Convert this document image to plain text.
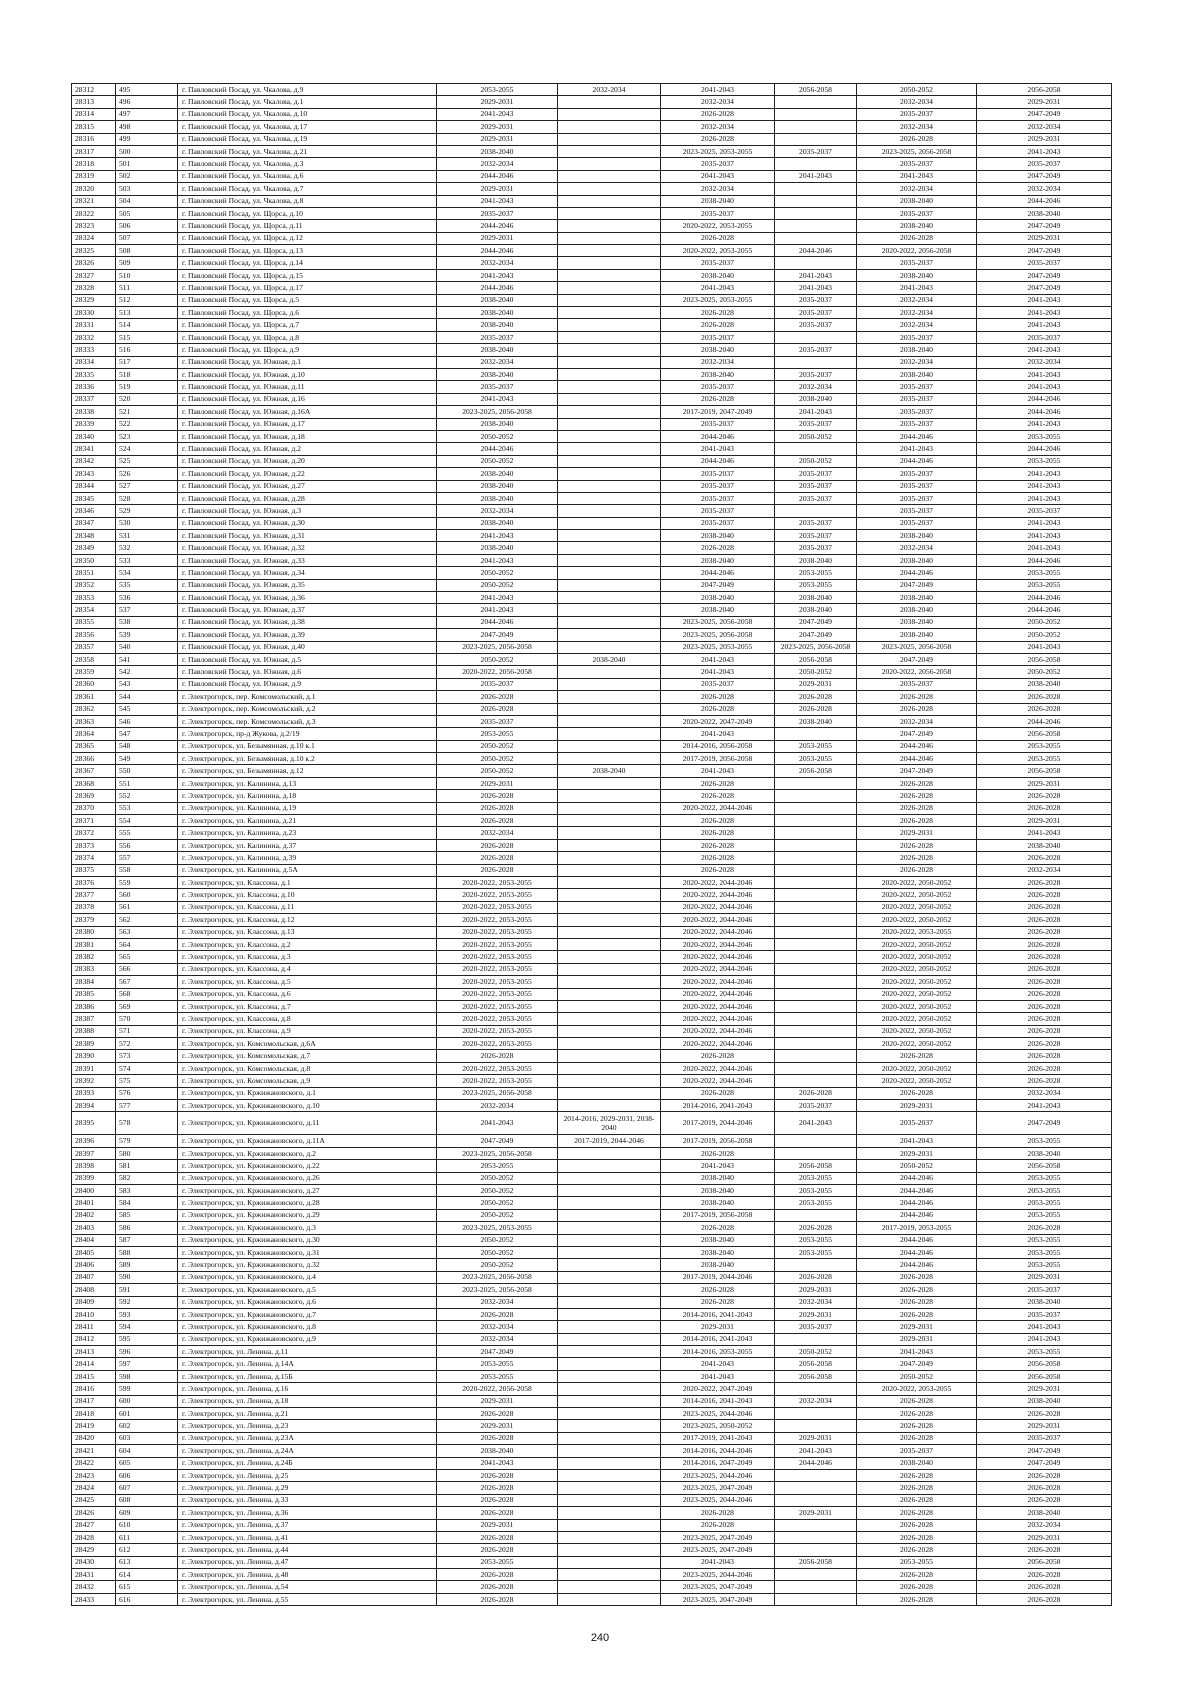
28312	495	г. Павловский Посад, ул. Чкалова, д.9	2053-2055	2032-2034	2041-2043	2056-2058	2050-2052	2056-2058
28313	496	г. Павловский Посад, ул. Чкалова, д.1	2029-2031		2032-2034		2032-2034	2029-2031
28314	497	г. Павловский Посад, ул. Чкалова, д.10	2041-2043		2026-2028		2035-2037	2047-2049
28315	498	г. Павловский Посад, ул. Чкалова, д.17	2029-2031		2032-2034		2032-2034	2032-2034
28316	499	г. Павловский Посад, ул. Чкалова, д.19	2029-2031		2026-2028		2026-2028	2029-2031
28317	500	г. Павловский Посад, ул. Чкалова, д.21	2038-2040		2023-2025, 2053-2055	2035-2037	2023-2025, 2056-2058	2041-2043
28318	501	г. Павловский Посад, ул. Чкалова, д.3	2032-2034		2035-2037		2035-2037	2035-2037
28319	502	г. Павловский Посад, ул. Чкалова, д.6	2044-2046		2041-2043	2041-2043	2041-2043	2047-2049
28320	503	г. Павловский Посад, ул. Чкалова, д.7	2029-2031		2032-2034		2032-2034	2032-2034
28321	504	г. Павловский Посад, ул. Чкалова, д.8	2041-2043		2038-2040		2038-2040	2044-2046
28322	505	г. Павловский Посад, ул. Щорса, д.10	2035-2037		2035-2037		2035-2037	2038-2040
28323	506	г. Павловский Посад, ул. Щорса, д.11	2044-2046		2020-2022, 2053-2055		2038-2040	2047-2049
28324	507	г. Павловский Посад, ул. Щорса, д.12	2029-2031		2026-2028		2026-2028	2029-2031
28325	508	г. Павловский Посад, ул. Щорса, д.13	2044-2046		2020-2022, 2053-2055	2044-2046	2020-2022, 2056-2058	2047-2049
28326	509	г. Павловский Посад, ул. Щорса, д.14	2032-2034		2035-2037		2035-2037	2035-2037
28327	510	г. Павловский Посад, ул. Щорса, д.15	2041-2043		2038-2040	2041-2043	2038-2040	2047-2049
28328	511	г. Павловский Посад, ул. Щорса, д.17	2044-2046		2041-2043	2041-2043	2041-2043	2047-2049
28329	512	г. Павловский Посад, ул. Щорса, д.5	2038-2040		2023-2025, 2053-2055	2035-2037	2032-2034	2041-2043
28330	513	г. Павловский Посад, ул. Щорса, д.6	2038-2040		2026-2028	2035-2037	2032-2034	2041-2043
28331	514	г. Павловский Посад, ул. Щорса, д.7	2038-2040		2026-2028	2035-2037	2032-2034	2041-2043
28332	515	г. Павловский Посад, ул. Щорса, д.8	2035-2037		2035-2037		2035-2037	2035-2037
28333	516	г. Павловский Посад, ул. Щорса, д.9	2038-2040		2038-2040	2035-2037	2038-2040	2041-2043
28334	517	г. Павловский Посад, ул. Южная, д.1	2032-2034		2032-2034		2032-2034	2032-2034
28335	518	г. Павловский Посад, ул. Южная, д.10	2038-2040		2038-2040	2035-2037	2038-2040	2041-2043
28336	519	г. Павловский Посад, ул. Южная, д.11	2035-2037		2035-2037	2032-2034	2035-2037	2041-2043
28337	520	г. Павловский Посад, ул. Южная, д.16	2041-2043		2026-2028	2038-2040	2035-2037	2044-2046
28338	521	г. Павловский Посад, ул. Южная, д.16А	2023-2025, 2056-2058		2017-2019, 2047-2049	2041-2043	2035-2037	2044-2046
28339	522	г. Павловский Посад, ул. Южная, д.17	2038-2040		2035-2037	2035-2037	2035-2037	2041-2043
28340	523	г. Павловский Посад, ул. Южная, д.18	2050-2052		2044-2046	2050-2052	2044-2046	2053-2055
28341	524	г. Павловский Посад, ул. Южная, д.2	2044-2046		2041-2043		2041-2043	2044-2046
28342	525	г. Павловский Посад, ул. Южная, д.20	2050-2052		2044-2046	2050-2052	2044-2046	2053-2055
28343	526	г. Павловский Посад, ул. Южная, д.22	2038-2040		2035-2037	2035-2037	2035-2037	2041-2043
28344	527	г. Павловский Посад, ул. Южная, д.27	2038-2040		2035-2037	2035-2037	2035-2037	2041-2043
28345	528	г. Павловский Посад, ул. Южная, д.28	2038-2040		2035-2037	2035-2037	2035-2037	2041-2043
28346	529	г. Павловский Посад, ул. Южная, д.3	2032-2034		2035-2037		2035-2037	2035-2037
28347	530	г. Павловский Посад, ул. Южная, д.30	2038-2040		2035-2037	2035-2037	2035-2037	2041-2043
28348	531	г. Павловский Посад, ул. Южная, д.31	2041-2043		2038-2040	2035-2037	2038-2040	2041-2043
28349	532	г. Павловский Посад, ул. Южная, д.32	2038-2040		2026-2028	2035-2037	2032-2034	2041-2043
28350	533	г. Павловский Посад, ул. Южная, д.33	2041-2043		2038-2040	2038-2040	2038-2040	2044-2046
28351	534	г. Павловский Посад, ул. Южная, д.34	2050-2052		2044-2046	2053-2055	2044-2046	2053-2055
28352	535	г. Павловский Посад, ул. Южная, д.35	2050-2052		2047-2049	2053-2055	2047-2049	2053-2055
28353	536	г. Павловский Посад, ул. Южная, д.36	2041-2043		2038-2040	2038-2040	2038-2040	2044-2046
28354	537	г. Павловский Посад, ул. Южная, д.37	2041-2043		2038-2040	2038-2040	2038-2040	2044-2046
28355	538	г. Павловский Посад, ул. Южная, д.38	2044-2046		2023-2025, 2056-2058	2047-2049	2038-2040	2050-2052
28356	539	г. Павловский Посад, ул. Южная, д.39	2047-2049		2023-2025, 2056-2058	2047-2049	2038-2040	2050-2052
28357	540	г. Павловский Посад, ул. Южная, д.40	2023-2025, 2056-2058		2023-2025, 2053-2055	2023-2025, 2056-2058	2023-2025, 2056-2058	2041-2043
28358	541	г. Павловский Посад, ул. Южная, д.5	2050-2052	2038-2040	2041-2043	2056-2058	2047-2049	2056-2058
28359	542	г. Павловский Посад, ул. Южная, д.6	2020-2022, 2056-2058		2041-2043	2050-2052	2020-2022, 2056-2058	2050-2052
28360	543	г. Павловский Посад, ул. Южная, д.9	2035-2037		2035-2037	2029-2031	2035-2037	2038-2040
28361	544	г. Электрогорск, пер. Комсомольский, д.1	2026-2028		2026-2028	2026-2028	2026-2028	2026-2028
28362	545	г. Электрогорск, пер. Комсомольский, д.2	2026-2028		2026-2028	2026-2028	2026-2028	2026-2028
28363	546	г. Электрогорск, пер. Комсомольский, д.3	2035-2037		2020-2022, 2047-2049	2038-2040	2032-2034	2044-2046
28364	547	г. Электрогорск, пр-д Жукова, д.2/19	2053-2055		2041-2043		2047-2049	2056-2058
28365	548	г. Электрогорск, ул. Безымянная, д.10 к.1	2050-2052		2014-2016, 2056-2058	2053-2055	2044-2046	2053-2055
28366	549	г. Электрогорск, ул. Безымянная, д.10 к.2	2050-2052		2017-2019, 2056-2058	2053-2055	2044-2046	2053-2055
28367	550	г. Электрогорск, ул. Безымянная, д.12	2050-2052	2038-2040	2041-2043	2056-2058	2047-2049	2056-2058
28368	551	г. Электрогорск, ул. Калинина, д.13	2029-2031		2026-2028		2026-2028	2029-2031
28369	552	г. Электрогорск, ул. Калинина, д.18	2026-2028		2026-2028		2026-2028	2026-2028
28370	553	г. Электрогорск, ул. Калинина, д.19	2026-2028		2020-2022, 2044-2046		2026-2028	2026-2028
28371	554	г. Электрогорск, ул. Калинина, д.21	2026-2028		2026-2028		2026-2028	2029-2031
28372	555	г. Электрогорск, ул. Калинина, д.23	2032-2034		2026-2028		2029-2031	2041-2043
28373	556	г. Электрогорск, ул. Калинина, д.37	2026-2028		2026-2028		2026-2028	2038-2040
28374	557	г. Электрогорск, ул. Калинина, д.39	2026-2028		2026-2028		2026-2028	2026-2028
28375	558	г. Электрогорск, ул. Калинина, д.5А	2026-2028		2026-2028		2026-2028	2032-2034
28376	559	г. Электрогорск, ул. Классона, д.1	2020-2022, 2053-2055		2020-2022, 2044-2046		2020-2022, 2050-2052	2026-2028
28377	560	г. Электрогорск, ул. Классона, д.10	2020-2022, 2053-2055		2020-2022, 2044-2046		2020-2022, 2050-2052	2026-2028
28378	561	г. Электрогорск, ул. Классона, д.11	2020-2022, 2053-2055		2020-2022, 2044-2046		2020-2022, 2050-2052	2026-2028
28379	562	г. Электрогорск, ул. Классона, д.12	2020-2022, 2053-2055		2020-2022, 2044-2046		2020-2022, 2050-2052	2026-2028
28380	563	г. Электрогорск, ул. Классона, д.13	2020-2022, 2053-2055		2020-2022, 2044-2046		2020-2022, 2053-2055	2026-2028
28381	564	г. Электрогорск, ул. Классона, д.2	2020-2022, 2053-2055		2020-2022, 2044-2046		2020-2022, 2050-2052	2026-2028
28382	565	г. Электрогорск, ул. Классона, д.3	2020-2022, 2053-2055		2020-2022, 2044-2046		2020-2022, 2050-2052	2026-2028
28383	566	г. Электрогорск, ул. Классона, д.4	2020-2022, 2053-2055		2020-2022, 2044-2046		2020-2022, 2050-2052	2026-2028
28384	567	г. Электрогорск, ул. Классона, д.5	2020-2022, 2053-2055		2020-2022, 2044-2046		2020-2022, 2050-2052	2026-2028
28385	568	г. Электрогорск, ул. Классона, д.6	2020-2022, 2053-2055		2020-2022, 2044-2046		2020-2022, 2050-2052	2026-2028
28386	569	г. Электрогорск, ул. Классона, д.7	2020-2022, 2053-2055		2020-2022, 2044-2046		2020-2022, 2050-2052	2026-2028
28387	570	г. Электрогорск, ул. Классона, д.8	2020-2022, 2053-2055		2020-2022, 2044-2046		2020-2022, 2050-2052	2026-2028
28388	571	г. Электрогорск, ул. Классона, д.9	2020-2022, 2053-2055		2020-2022, 2044-2046		2020-2022, 2050-2052	2026-2028
28389	572	г. Электрогорск, ул. Комсомольская, д.6А	2020-2022, 2053-2055		2020-2022, 2044-2046		2020-2022, 2050-2052	2026-2028
28390	573	г. Электрогорск, ул. Комсомольская, д.7	2026-2028		2026-2028		2026-2028	2026-2028
28391	574	г. Электрогорск, ул. Комсомольская, д.8	2020-2022, 2053-2055		2020-2022, 2044-2046		2020-2022, 2050-2052	2026-2028
28392	575	г. Электрогорск, ул. Комсомольская, д.9	2020-2022, 2053-2055		2020-2022, 2044-2046		2020-2022, 2050-2052	2026-2028
28393	576	г. Электрогорск, ул. Кржижановского, д.1	2023-2025, 2056-2058		2026-2028	2026-2028	2026-2028	2032-2034
28394	577	г. Электрогорск, ул. Кржижановского, д.10	2032-2034		2014-2016, 2041-2043	2035-2037	2029-2031	2041-2043
28395	578	г. Электрогорск, ул. Кржижановского, д.11	2041-2043	2014-2016, 2029-2031, 2038-2040	2017-2019, 2044-2046	2041-2043	2035-2037	2047-2049
28396	579	г. Электрогорск, ул. Кржижановского, д.11А	2047-2049	2017-2019, 2044-2046	2017-2019, 2056-2058		2041-2043	2053-2055
28397	580	г. Электрогорск, ул. Кржижановского, д.2	2023-2025, 2056-2058		2026-2028		2029-2031	2038-2040
28398	581	г. Электрогорск, ул. Кржижановского, д.22	2053-2055		2041-2043	2056-2058	2050-2052	2056-2058
28399	582	г. Электрогорск, ул. Кржижановского, д.26	2050-2052		2038-2040	2053-2055	2044-2046	2053-2055
28400	583	г. Электрогорск, ул. Кржижановского, д.27	2050-2052		2038-2040	2053-2055	2044-2046	2053-2055
28401	584	г. Электрогорск, ул. Кржижановского, д.28	2050-2052		2038-2040	2053-2055	2044-2046	2053-2055
28402	585	г. Электрогорск, ул. Кржижановского, д.29	2050-2052		2017-2019, 2056-2058		2044-2046	2053-2055
28403	586	г. Электрогорск, ул. Кржижановского, д.3	2023-2025, 2053-2055		2026-2028	2026-2028	2017-2019, 2053-2055	2026-2028
28404	587	г. Электрогорск, ул. Кржижановского, д.30	2050-2052		2038-2040	2053-2055	2044-2046	2053-2055
28405	588	г. Электрогорск, ул. Кржижановского, д.31	2050-2052		2038-2040	2053-2055	2044-2046	2053-2055
28406	589	г. Электрогорск, ул. Кржижановского, д.32	2050-2052		2038-2040		2044-2046	2053-2055
28407	590	г. Электрогорск, ул. Кржижановского, д.4	2023-2025, 2056-2058		2017-2019, 2044-2046	2026-2028	2026-2028	2029-2031
28408	591	г. Электрогорск, ул. Кржижановского, д.5	2023-2025, 2056-2058		2026-2028	2029-2031	2026-2028	2035-2037
28409	592	г. Электрогорск, ул. Кржижановского, д.6	2032-2034		2026-2028	2032-2034	2026-2028	2038-2040
28410	593	г. Электрогорск, ул. Кржижановского, д.7	2026-2028		2014-2016, 2041-2043	2029-2031	2026-2028	2035-2037
28411	594	г. Электрогорск, ул. Кржижановского, д.8	2032-2034		2029-2031	2035-2037	2029-2031	2041-2043
28412	595	г. Электрогорск, ул. Кржижановского, д.9	2032-2034		2014-2016, 2041-2043		2029-2031	2041-2043
28413	596	г. Электрогорск, ул. Ленина, д.11	2047-2049		2014-2016, 2053-2055	2050-2052	2041-2043	2053-2055
28414	597	г. Электрогорск, ул. Ленина, д.14А	2053-2055		2041-2043	2056-2058	2047-2049	2056-2058
28415	598	г. Электрогорск, ул. Ленина, д.15Б	2053-2055		2041-2043	2056-2058	2050-2052	2056-2058
28416	599	г. Электрогорск, ул. Ленина, д.16	2020-2022, 2056-2058		2020-2022, 2047-2049		2020-2022, 2053-2055	2029-2031
28417	600	г. Электрогорск, ул. Ленина, д.18	2029-2031		2014-2016, 2041-2043	2032-2034	2026-2028	2038-2040
28418	601	г. Электрогорск, ул. Ленина, д.21	2026-2028		2023-2025, 2044-2046		2026-2028	2026-2028
28419	602	г. Электрогорск, ул. Ленина, д.23	2029-2031		2023-2025, 2050-2052		2026-2028	2029-2031
28420	603	г. Электрогорск, ул. Ленина, д.23А	2026-2028		2017-2019, 2041-2043	2029-2031	2026-2028	2035-2037
28421	604	г. Электрогорск, ул. Ленина, д.24А	2038-2040		2014-2016, 2044-2046	2041-2043	2035-2037	2047-2049
28422	605	г. Электрогорск, ул. Ленина, д.24Б	2041-2043		2014-2016, 2047-2049	2044-2046	2038-2040	2047-2049
28423	606	г. Электрогорск, ул. Ленина, д.25	2026-2028		2023-2025, 2044-2046		2026-2028	2026-2028
28424	607	г. Электрогорск, ул. Ленина, д.29	2026-2028		2023-2025, 2047-2049		2026-2028	2026-2028
28425	608	г. Электрогорск, ул. Ленина, д.33	2026-2028		2023-2025, 2044-2046		2026-2028	2026-2028
28426	609	г. Электрогорск, ул. Ленина, д.36	2026-2028		2026-2028	2029-2031	2026-2028	2038-2040
28427	610	г. Электрогорск, ул. Ленина, д.37	2029-2031		2026-2028		2026-2028	2032-2034
28428	611	г. Электрогорск, ул. Ленина, д.41	2026-2028		2023-2025, 2047-2049		2026-2028	2029-2031
28429	612	г. Электрогорск, ул. Ленина, д.44	2026-2028		2023-2025, 2047-2049		2026-2028	2026-2028
28430	613	г. Электрогорск, ул. Ленина, д.47	2053-2055		2041-2043	2056-2058	2053-2055	2056-2058
28431	614	г. Электрогорск, ул. Ленина, д.48	2026-2028		2023-2025, 2044-2046		2026-2028	2026-2028
28432	615	г. Электрогорск, ул. Ленина, д.54	2026-2028		2023-2025, 2047-2049		2026-2028	2026-2028
28433	616	г. Электрогорск, ул. Ленина, д.55	2026-2028		2023-2025, 2047-2049		2026-2028	2026-2028
240
